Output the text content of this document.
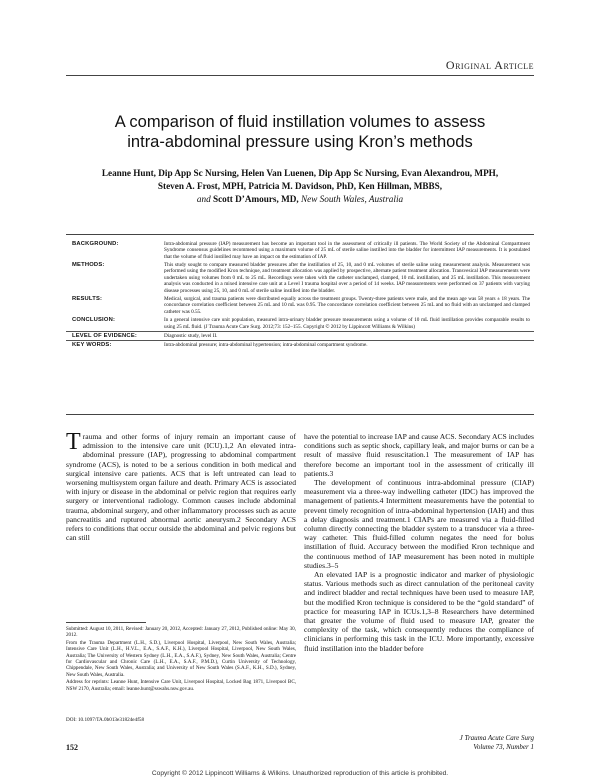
Original Article
A comparison of fluid instillation volumes to assess
intra-abdominal pressure using Kron’s methods
Leanne Hunt, Dip App Sc Nursing, Helen Van Luenen, Dip App Sc Nursing, Evan Alexandrou, MPH,
Steven A. Frost, MPH, Patricia M. Davidson, PhD, Ken Hillman, MBBS,
and Scott D’Amours, MD, New South Wales, Australia
BACKGROUND:	Intra-abdominal pressure (IAP) measurement has become an important tool in the assessment of critically ill patients. The World Society of the Abdominal Compartment Syndrome consensus guidelines recommend using a maximum volume of 25 mL of sterile saline instilled into the bladder for intermittent IAP measurements. It is postulated that the volume of fluid instilled may have an impact on the estimation of IAP.
METHODS:	This study sought to compare measured bladder pressures after the instillation of 25, 10, and 0 mL volumes of sterile saline using measurement analysis. Measurement was performed using the modified Kron technique, and treatment allocation was applied by prospective, alternate patient treatment allocation. Transvesical IAP measurements were undertaken using volumes from 0 mL to 25 mL. Recordings were taken with the catheter unclamped, clamped, 10 mL instillation, and 25 mL instillation. This measurement analysis was conducted in a mixed intensive care unit at a Level I trauma hospital over a period of 14 weeks. IAP measurements were performed on 37 patients with varying disease processes using 25, 10, and 0 mL of sterile saline instilled into the bladder.
RESULTS:	Medical, surgical, and trauma patients were distributed equally across the treatment groups. Twenty-three patients were male, and the mean age was 58 years ± 18 years. The concordance correlation coefficient between 25 mL and 10 mL was 0.95. The concordance correlation coefficient between 25 mL and no fluid with an unclamped and clamped catheter was 0.55.
CONCLUSION:	In a general intensive care unit population, measured intra-urinary bladder pressure measurements using a volume of 10 mL fluid instillation provides comparable results to using 25 mL fluid. (J Trauma Acute Care Surg. 2012;73: 152–155. Copyright © 2012 by Lippincott Williams & Wilkins)
LEVEL OF EVIDENCE:	Diagnostic study, level II.
KEY WORDS:	Intra-abdominal pressure; intra-abdominal hypertension; intra-abdominal compartment syndrome.

Trauma and other forms of injury remain an important cause of admission to the intensive care unit (ICU).1,2 An elevated intra-abdominal pressure (IAP), progressing to abdominal compartment syndrome (ACS), is noted to be a serious condition in both medical and surgical intensive care patients. ACS that is left untreated can lead to worsening multisystem organ failure and death. Primary ACS is associated with injury or disease in the abdominal or pelvic region that requires early surgery or interventional radiology. Common causes include abdominal trauma, abdominal surgery, and other inflammatory processes such as acute pancreatitis and ruptured abnormal aortic aneurysm.2 Secondary ACS refers to conditions that occur outside the abdominal and pelvic regions but can still

Submitted: August 10, 2011, Revised: January 20, 2012, Accepted: January 27, 2012, Published online: May 30, 2012.

From the Trauma Department (L.H., S.D.), Liverpool Hospital, Liverpool, New South Wales, Australia; Intensive Care Unit (L.H., H.V.L., E.A., S.A.F., K.H.), Liverpool Hospital, Liverpool, New South Wales, Australia; The University of Western Sydney (L.H., E.A., S.A.F.), Sydney, New South Wales, Australia; Centre for Cardiovascular and Chronic Care (L.H., E.A., S.A.F., P.M.D.), Curtin University of Technology, Chippendale, New South Wales, Australia; and University of New South Wales (S.A.F., K.H., S.D.), Sydney, New South Wales, Australia.

Address for reprints: Leanne Hunt, Intensive Care Unit, Liverpool Hospital, Locked Bag 1871, Liverpool BC, NSW 2170, Australia; email: leanne.hunt@sswahs.nsw.gov.au.

DOI: 10.1097/TA.0b013e31824e4f58

have the potential to increase IAP and cause ACS. Secondary ACS includes conditions such as septic shock, capillary leak, and major burns or can be a result of massive fluid resuscitation.1 The measurement of IAP has therefore become an important tool in the assessment of critically ill patients.3

The development of continuous intra-abdominal pressure (CIAP) measurement via a three-way indwelling catheter (IDC) has improved the management of patients.4 Intermittent measurements have the potential to prevent timely recognition of intra-abdominal hypertension (IAH) and thus a delay diagnosis and treatment.1 CIAPs are measured via a fluid-filled column directly connecting the bladder system to a transducer via a three-way catheter. This fluid-filled column negates the need for bolus instillation of fluid. Accuracy between the modified Kron technique and the continuous method of IAP measurement has been noted in multiple studies.3–5

An elevated IAP is a prognostic indicator and marker of physiologic status. Various methods such as direct cannulation of the peritoneal cavity and indirect bladder and rectal techniques have been used to measure IAP, but the modified Kron technique is considered to be the “gold standard” of practice for measuring IAP in ICUs.1,3–8 Researchers have determined that greater the volume of fluid used to measure IAP, greater the complexity of the task, which consequently reduces the compliance of clinicians in performing this task in the ICU. More importantly, excessive fluid instillation into the bladder before

152
J Trauma Acute Care Surg
Volume 73, Number 1
Copyright © 2012 Lippincott Williams & Wilkins. Unauthorized reproduction of this article is prohibited.
